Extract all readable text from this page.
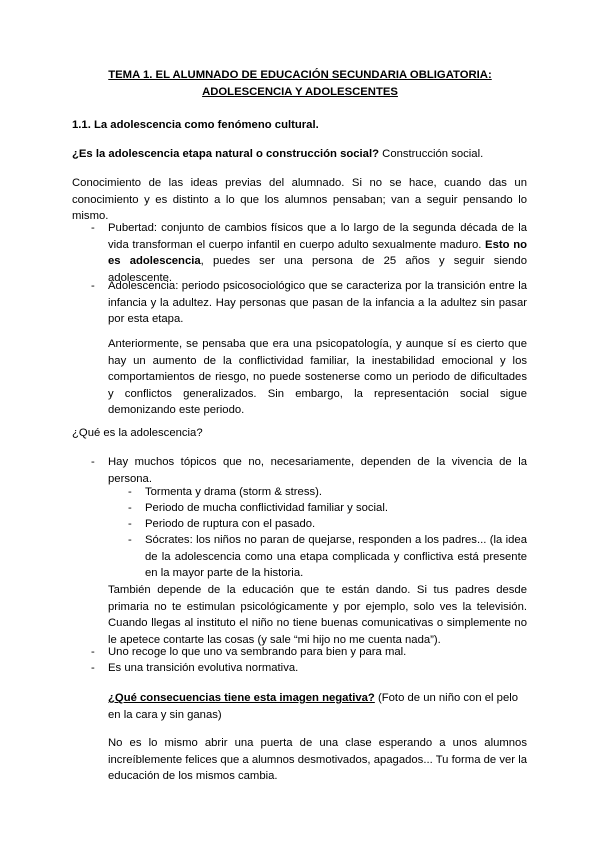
TEMA 1. EL ALUMNADO DE EDUCACIÓN SECUNDARIA OBLIGATORIA:
ADOLESCENCIA Y ADOLESCENTES
1.1. La adolescencia como fenómeno cultural.
¿Es la adolescencia etapa natural o construcción social? Construcción social.

Conocimiento de las ideas previas del alumnado. Si no se hace, cuando das un conocimiento y es distinto a lo que los alumnos pensaban; van a seguir pensando lo mismo.

- Pubertad: conjunto de cambios físicos que a lo largo de la segunda década de la vida transforman el cuerpo infantil en cuerpo adulto sexualmente maduro. Esto no es adolescencia, puedes ser una persona de 25 años y seguir siendo adolescente.

- Adolescencia: periodo psicosociológico que se caracteriza por la transición entre la infancia y la adultez. Hay personas que pasan de la infancia a la adultez sin pasar por esta etapa.

Anteriormente, se pensaba que era una psicopatología, y aunque sí es cierto que hay un aumento de la conflictividad familiar, la inestabilidad emocional y los comportamientos de riesgo, no puede sostenerse como un periodo de dificultades y conflictos generalizados. Sin embargo, la representación social sigue demonizando este periodo.

¿Qué es la adolescencia?
- Hay muchos tópicos que no, necesariamente, dependen de la vivencia de la persona.

- Tormenta y drama (storm & stress).

- Periodo de mucha conflictividad familiar y social.

- Periodo de ruptura con el pasado.

- Sócrates: los niños no paran de quejarse, responden a los padres... (la idea de la adolescencia como una etapa complicada y conflictiva está presente en la mayor parte de la historia.

También depende de la educación que te están dando. Si tus padres desde primaria no te estimulan psicológicamente y por ejemplo, solo ves la televisión. Cuando llegas al instituto el niño no tiene buenas comunicativas o simplemente no le apetece contarte las cosas (y sale “mi hijo no me cuenta nada”).

- Uno recoge lo que uno va sembrando para bien y para mal.

- Es una transición evolutiva normativa.

¿Qué consecuencias tiene esta imagen negativa? (Foto de un niño con el pelo en la cara y sin ganas)

No es lo mismo abrir una puerta de una clase esperando a unos alumnos increíblemente felices que a alumnos desmotivados, apagados... Tu forma de ver la educación de los mismos cambia.
